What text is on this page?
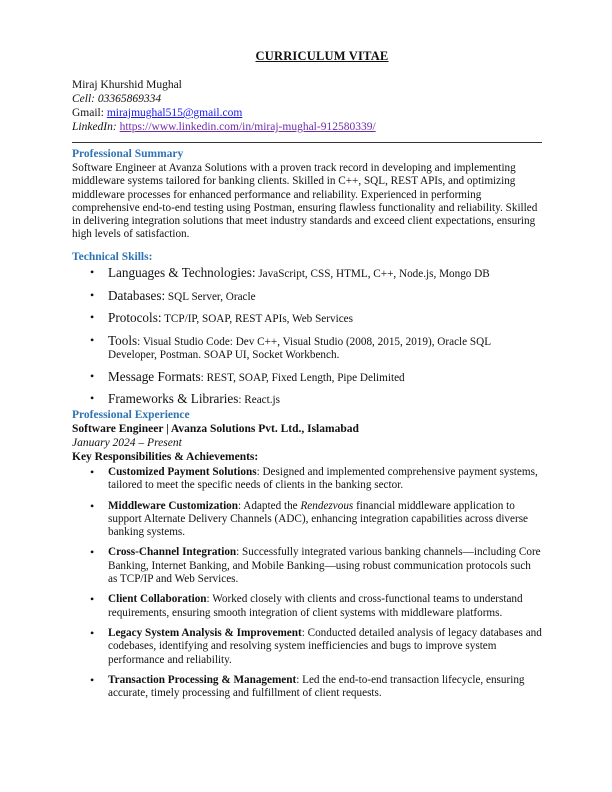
CURRICULUM VITAE
Miraj Khurshid Mughal
Cell: 03365869334
Gmail: mirajmughal515@gmail.com
LinkedIn: https://www.linkedin.com/in/miraj-mughal-912580339/
Professional Summary
Software Engineer at Avanza Solutions with a proven track record in developing and implementing middleware systems tailored for banking clients. Skilled in C++, SQL, REST APIs, and optimizing middleware processes for enhanced performance and reliability. Experienced in performing comprehensive end-to-end testing using Postman, ensuring flawless functionality and reliability. Skilled in delivering integration solutions that meet industry standards and exceed client expectations, ensuring high levels of satisfaction.
Technical Skills:
• Languages & Technologies: JavaScript, CSS, HTML, C++, Node.js, Mongo DB
• Databases: SQL Server, Oracle
• Protocols: TCP/IP, SOAP, REST APIs, Web Services
• Tools: Visual Studio Code: Dev C++, Visual Studio (2008, 2015, 2019), Oracle SQL Developer, Postman. SOAP UI, Socket Workbench.
• Message Formats: REST, SOAP, Fixed Length, Pipe Delimited
• Frameworks & Libraries: React.js
Professional Experience
Software Engineer | Avanza Solutions Pvt. Ltd., Islamabad
January 2024 – Present
Key Responsibilities & Achievements:
• Customized Payment Solutions: Designed and implemented comprehensive payment systems, tailored to meet the specific needs of clients in the banking sector.
• Middleware Customization: Adapted the Rendezvous financial middleware application to support Alternate Delivery Channels (ADC), enhancing integration capabilities across diverse banking systems.
• Cross-Channel Integration: Successfully integrated various banking channels—including Core Banking, Internet Banking, and Mobile Banking—using robust communication protocols such as TCP/IP and Web Services.
• Client Collaboration: Worked closely with clients and cross-functional teams to understand requirements, ensuring smooth integration of client systems with middleware platforms.
• Legacy System Analysis & Improvement: Conducted detailed analysis of legacy databases and codebases, identifying and resolving system inefficiencies and bugs to improve system performance and reliability.
• Transaction Processing & Management: Led the end-to-end transaction lifecycle, ensuring accurate, timely processing and fulfillment of client requests.
